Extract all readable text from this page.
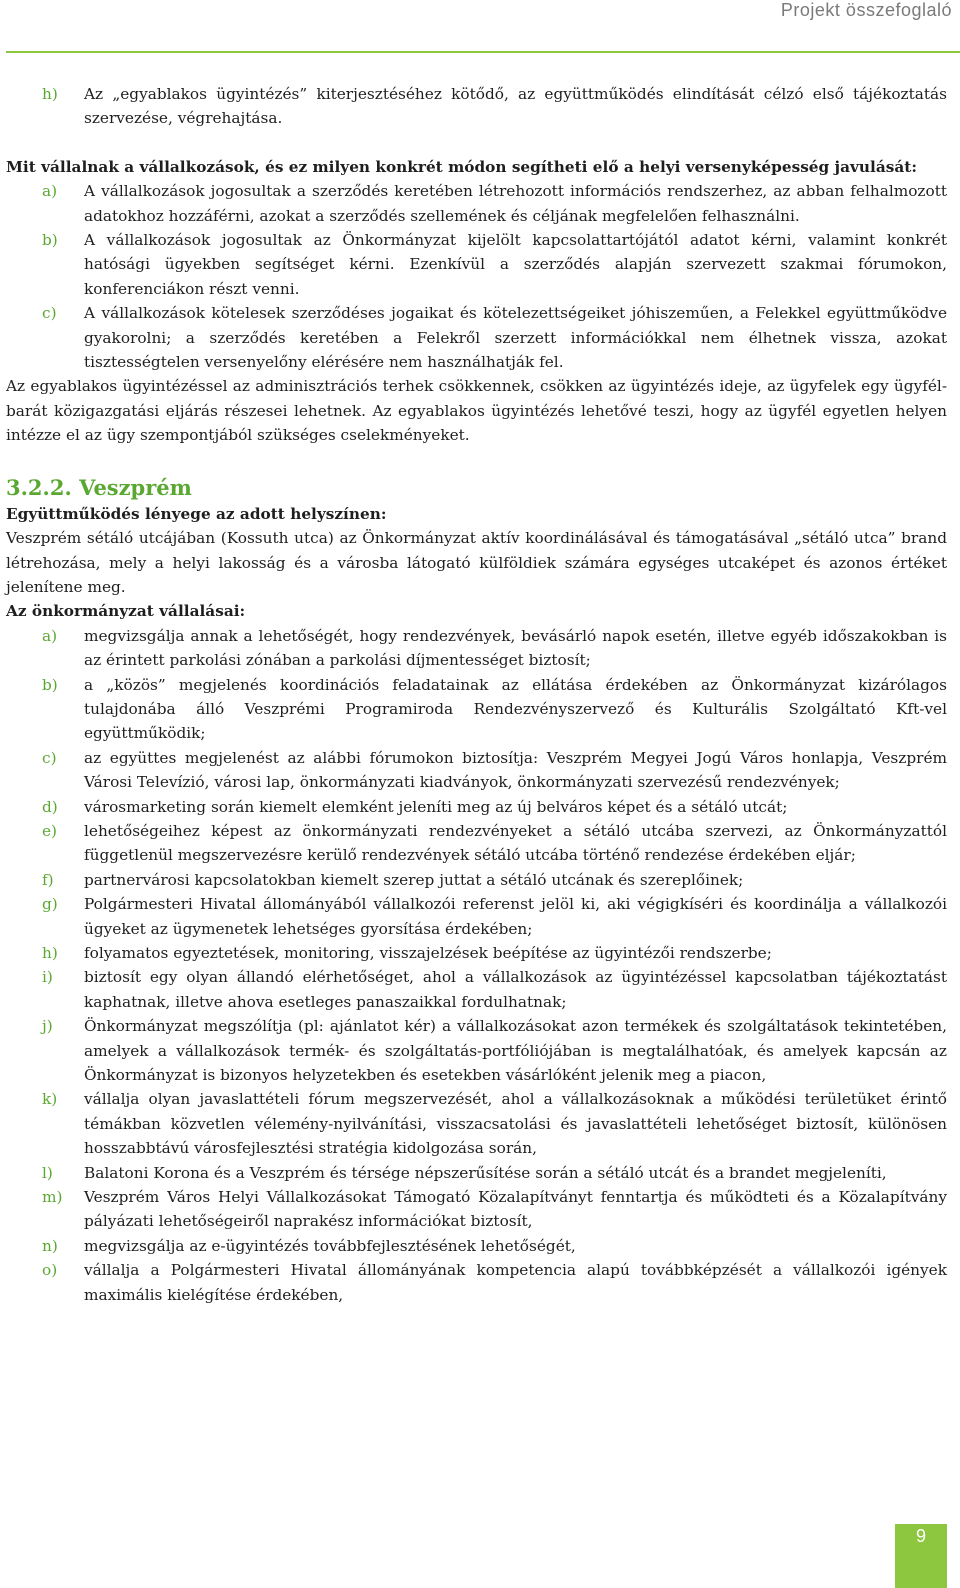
Projekt összefoglaló
h) Az „egyablakos ügyintézés” kiterjesztéséhez kötődő, az együttműködés elindítását célzó első tájékoztatás szervezése, végrehajtása.
Mit vállalnak a vállalkozások, és ez milyen konkrét módon segítheti elő a helyi versenyképesség javulását:
a) A vállalkozások jogosultak a szerződés keretében létrehozott információs rendszerhez, az abban felhalmozott adatokhoz hozzáférni, azokat a szerződés szellemének és céljának megfelelően felhasználni.
b) A vállalkozások jogosultak az Önkormányzat kijelölt kapcsolattartójától adatot kérni, valamint konkrét hatósági ügyekben segítséget kérni. Ezenkívül a szerződés alapján szervezett szakmai fórumokon, konferenciákon részt venni.
c) A vállalkozások kötelesek szerződéses jogaikat és kötelezettségeiket jóhiszeműen, a Felekkel együttműködve gyakorolni; a szerződés keretében a Felekről szerzett információkkal nem élhetnek vissza, azokat tisztességtelen versenyelőny elérésére nem használhatják fel.
Az egyablakos ügyintézéssel az adminisztrációs terhek csökkennek, csökken az ügyintézés ideje, az ügyfelek egy ügyfél-barát közigazgatási eljárás részesei lehetnek. Az egyablakos ügyintézés lehetővé teszi, hogy az ügyfél egyetlen helyen intézze el az ügy szempontjából szükséges cselekményeket.
3.2.2. Veszprém
Együttműködés lényege az adott helyszínen:
Veszprém sétáló utcájában (Kossuth utca) az Önkormányzat aktív koordinálásával és támogatásával „sétáló utca” brand létrehozása, mely a helyi lakosság és a városba látogató külföldiek számára egységes utcaképet és azonos értéket jelenítene meg.
Az önkormányzat vállalásai:
a) megvizsgálja annak a lehetőségét, hogy rendezvények, bevásárló napok esetén, illetve egyéb időszakokban is az érintett parkolási zónában a parkolási díjmentességet biztosít;
b) a „közös” megjelenés koordinációs feladatainak az ellátása érdekében az Önkormányzat kizárólagos tulajdonába álló Veszprémi Programiroda Rendezvényszervező és Kulturális Szolgáltató Kft-vel együttműködik;
c) az együttes megjelenést az alábbi fórumokon biztosítja: Veszprém Megyei Jogú Város honlapja, Veszprém Városi Televízió, városi lap, önkormányzati kiadványok, önkormányzati szervezésű rendezvények;
d) városmarketing során kiemelt elemként jeleníti meg az új belváros képet és a sétáló utcát;
e) lehetőségeihez képest az önkormányzati rendezvényeket a sétáló utcába szervezi, az Önkormányzattól függetlenül megszervezésre kerülő rendezvények sétáló utcába történő rendezése érdekében eljár;
f) partnervárosi kapcsolatokban kiemelt szerep juttat a sétáló utcának és szereplőinek;
g) Polgármesteri Hivatal állományából vállalkozói referenst jelöl ki, aki végigkíséri és koordinálja a vállalkozói ügyeket az ügymenetek lehetséges gyorsítása érdekében;
h) folyamatos egyeztetések, monitoring, visszajelzések beépítése az ügyintézői rendszerbe;
i) biztosít egy olyan állandó elérhetőséget, ahol a vállalkozások az ügyintézéssel kapcsolatban tájékoztatást kaphatnak, illetve ahova esetleges panaszaikkal fordulhatnak;
j) Önkormányzat megszólítja (pl: ajánlatot kér) a vállalkozásokat azon termékek és szolgáltatások tekintetében, amelyek a vállalkozások termék- és szolgáltatás-portfóliójában is megtalálhatóak, és amelyek kapcsán az Önkormányzat is bizonyos helyzetekben és esetekben vásárlóként jelenik meg a piacon,
k) vállalja olyan javaslattételi fórum megszervezését, ahol a vállalkozásoknak a működési területüket érintő témákban közvetlen vélemény-nyilvánítási, visszacsatolási és javaslattételi lehetőséget biztosít, különösen hosszabbtávú városfejlesztési stratégia kidolgozása során,
l) Balatoni Korona és a Veszprém és térsége népszerűsítése során a sétáló utcát és a brandet megjeleníti,
m) Veszprém Város Helyi Vállalkozásokat Támogató Közalapítványt fenntartja és működteti és a Közalapítvány pályázati lehetőségeiről naprakész információkat biztosít,
n) megvizsgálja az e-ügyintézés továbbfejlesztésének lehetőségét,
o) vállalja a Polgármesteri Hivatal állományának kompetencia alapú továbbképzését a vállalkozói igények maximális kielégítése érdekében,
9
